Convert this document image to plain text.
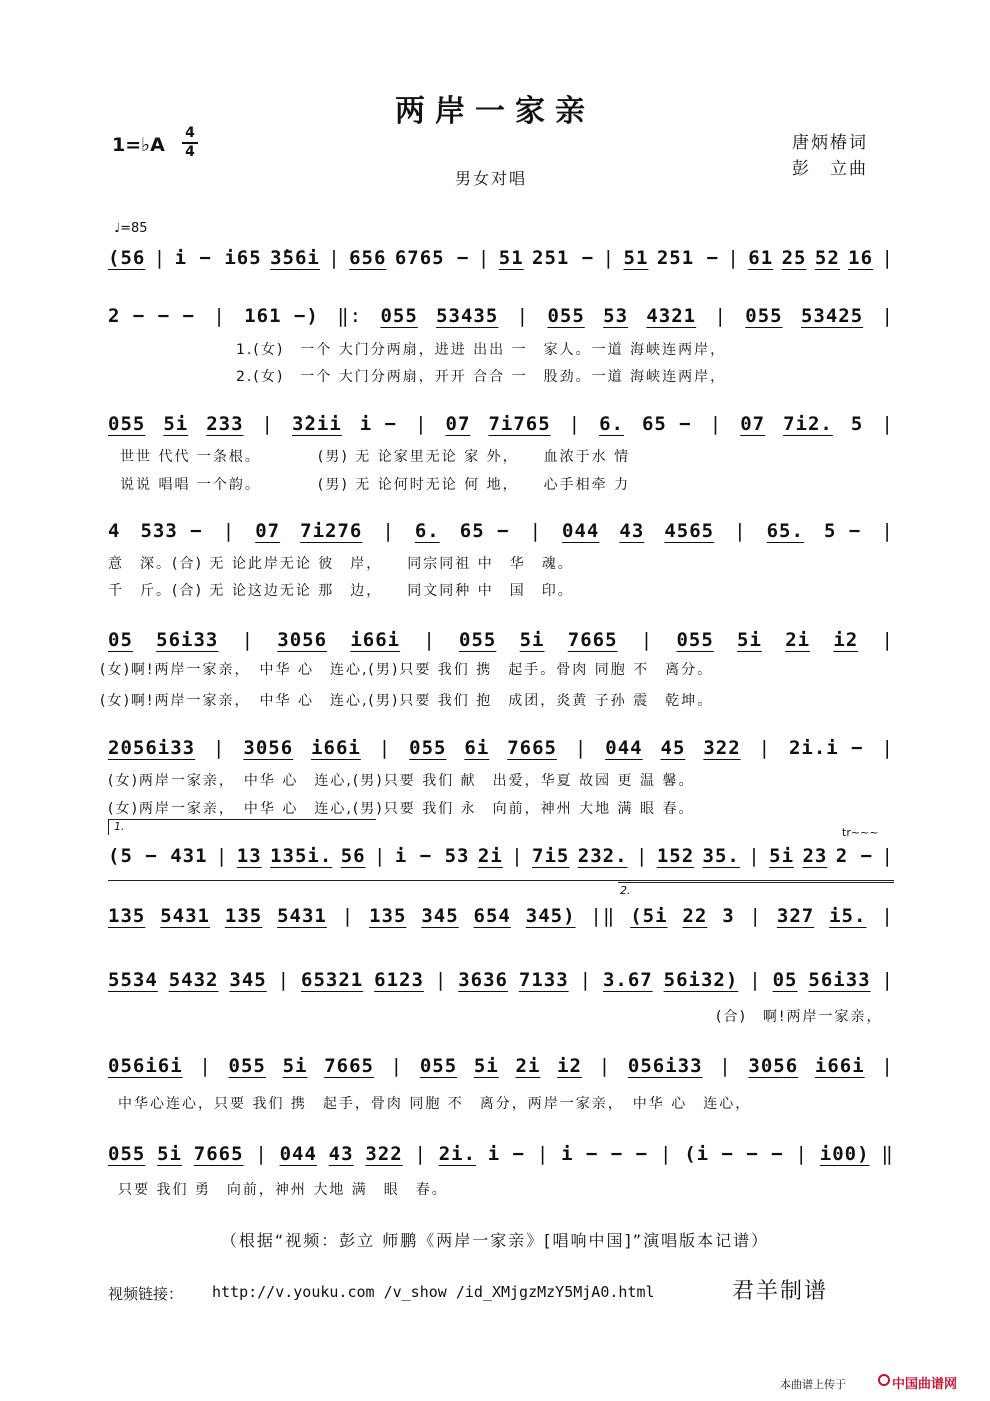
两岸一家亲
1=♭A
4
4	唐炳椿词
彭　立曲
男女对唱
♩=85
(56 | i − i65 3̇56i | 656 6765 − | 51 251 − | 51 251 − | 61 25 52 16 |
2 − − − | 161 −) ‖: 055 53435 | 055 53 4321 | 055 53425 |
055 5i 233 | 3̇2ii i − | 07 7i765 | 6. 65 − | 07 7i2. 5 |
4 533 − | 07 7i276 | 6. 65 − | 044 43 4565 | 65. 5 − |
05 56i33 | 3056 i66i | 055 5i 7665 | 055 5i 2i i2 |
2056i33 | 3056 i66i | 055 6i 7665 | 044 45 322 | 2i.i − |
(5 − 431 | 13 135i. 56 | i − 53 2i | 7i5 232. | 152 35. | 5i 23 2 − |
135 5431 135 5431 | 135 345 654 345) |‖ (5i 22 3 | 327 i5. |
5534 5432 345 | 65321 6123 | 3636 7133 | 3.67 56i32) | 05 56i33 |
056i6i | 055 5i 7665 | 055 5i 2i i2 | 056i33 | 3056 i66i |
055 5i 7665 | 044 43 322 | 2i. i − | i − − − | (i − − − | i00) ‖
1.(女)　一个 大门分两扇，进进 出出 一　家人。一道 海峡连两岸，
2.(女)　一个 大门分两扇，开开 合合 一　股劲。一道 海峡连两岸，
世世 代代 一条根。　　　　(男) 无 论家里无论 家 外，　　血浓于水 情
说说 唱唱 一个韵。　　　　(男) 无 论何时无论 何 地，　　心手相牵 力
意　深。(合) 无 论此岸无论 彼　岸，　　同宗同祖 中　华　魂。
千　斤。(合) 无 论这边无论 那　边，　　同文同种 中　国　印。
(女)啊!两岸一家亲，　中华 心　连心,(男)只要 我们 携　起手。骨肉 同胞 不　离分。
(女)啊!两岸一家亲，　中华 心　连心,(男)只要 我们 抱　成团，炎黄 子孙 震　乾坤。
(女)两岸一家亲，　中华 心　连心,(男)只要 我们 献　出爱，华夏 故园 更 温 馨。
(女)两岸一家亲，　中华 心　连心,(男)只要 我们 永　向前，神州 大地 满 眼 春。
(合)　啊!两岸一家亲，
中华心连心，只要 我们 携　起手，骨肉 同胞 不　离分，两岸一家亲，　中华 心　连心，
只要 我们 勇　向前，神州 大地 满　眼　春。
1.
2.
tr~~~
（根据“视频：彭立 师鹏《两岸一家亲》[唱响中国]”演唱版本记谱）
视频链接： http://v.youku.com /v_show /id_XMjgzMzY5MjA0.html	君羊制谱
本曲谱上传于	中国曲谱网
